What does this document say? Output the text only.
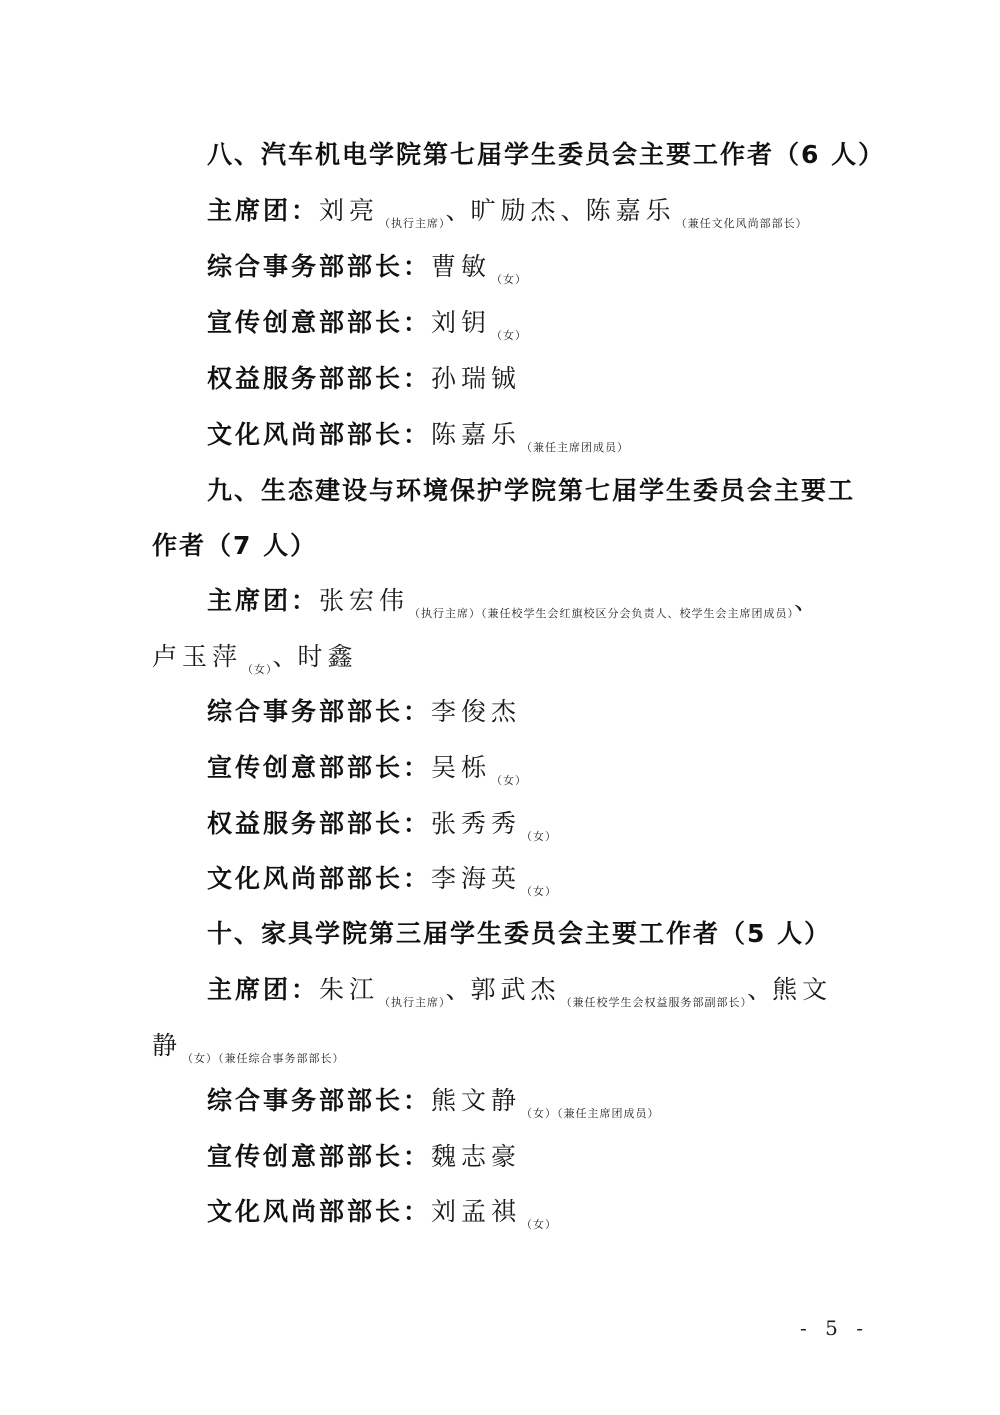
八、汽车机电学院第七届学生委员会主要工作者（6 人）
主席团：刘亮$_{(执行主席)}$、旷励杰、陈嘉乐$_{(兼任文化风尚部部长)}$
综合事务部部长：曹敏$_{(女)}$
宣传创意部部长：刘钥$_{(女)}$
权益服务部部长：孙瑞铖
文化风尚部部长：陈嘉乐$_{(兼任主席团成员)}$
九、生态建设与环境保护学院第七届学生委员会主要工
作者（7 人）
主席团：张宏伟$_{(执行主席)(兼任校学生会红旗校区分会负责人、校学生会主席团成员)}$、
卢玉萍$_{(女)}$、时鑫
综合事务部部长：李俊杰
宣传创意部部长：吴栎$_{(女)}$
权益服务部部长：张秀秀$_{(女)}$
文化风尚部部长：李海英$_{(女)}$
十、家具学院第三届学生委员会主要工作者（5 人）
主席团：朱江$_{(执行主席)}$、郭武杰$_{(兼任校学生会权益服务部副部长)}$、熊文
静$_{(女)(兼任综合事务部部长)}$
综合事务部部长：熊文静$_{(女)(兼任主席团成员)}$
宣传创意部部长：魏志豪
文化风尚部部长：刘孟祺$_{(女)}$
- 5 -
